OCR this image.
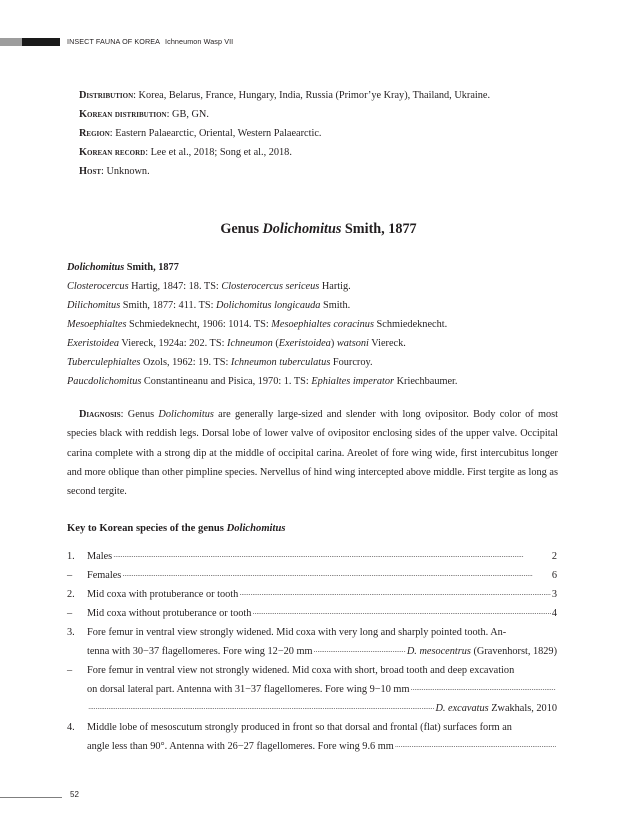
INSECT FAUNA OF KOREA Ichneumon Wasp VII
Distribution: Korea, Belarus, France, Hungary, India, Russia (Primor’ye Kray), Thailand, Ukraine.
Korean distribution: GB, GN.
Region: Eastern Palaearctic, Oriental, Western Palaearctic.
Korean record: Lee et al., 2018; Song et al., 2018.
Host: Unknown.
Genus Dolichomitus Smith, 1877
Dolichomitus Smith, 1877
Closterocercus Hartig, 1847: 18. TS: Closterocercus sericeus Hartig.
Dilichomitus Smith, 1877: 411. TS: Dolichomitus longicauda Smith.
Mesoephialtes Schmiedeknecht, 1906: 1014. TS: Mesoephialtes coracinus Schmiedeknecht.
Exeristoidea Viereck, 1924a: 202. TS: Ichneumon (Exeristoidea) watsoni Viereck.
Tuberculephialtes Ozols, 1962: 19. TS: Ichneumon tuberculatus Fourcroy.
Paucdolichomitus Constantineanu and Pisica, 1970: 1. TS: Ephialtes imperator Kriechbaumer.
Diagnosis: Genus Dolichomitus are generally large-sized and slender with long ovipositor. Body color of most species black with reddish legs. Dorsal lobe of lower valve of ovipositor enclosing sides of the upper valve. Occipital carina complete with a strong dip at the middle of occipital carina. Areolet of fore wing wide, first intercubitus longer and more oblique than other pimpline species. Nervellus of hind wing intercepted above middle. First tergite as long as second tergite.
Key to Korean species of the genus Dolichomitus
1.	Males ·····	2
–	Females ·····	6
2.	Mid coxa with protuberance or tooth ·····	3
–	Mid coxa without protuberance or tooth ·····	4
3.	Fore femur in ventral view strongly widened. Mid coxa with very long and sharply pointed tooth. An-
tenna with 30−37 flagellomeres. Fore wing 12−20 mm ·····	D. mesocentrus (Gravenhorst, 1829)
–	Fore femur in ventral view not strongly widened. Mid coxa with short, broad tooth and deep excavation
on dorsal lateral part. Antenna with 31−37 flagellomeres. Fore wing 9−10 mm
·····
·····
D. excavatus Zwakhals, 2010
4.	Middle lobe of mesoscutum strongly produced in front so that dorsal and frontal (flat) surfaces form an
angle less than 90°. Antenna with 26−27 flagellomeres. Fore wing 9.6 mm
·····
52
